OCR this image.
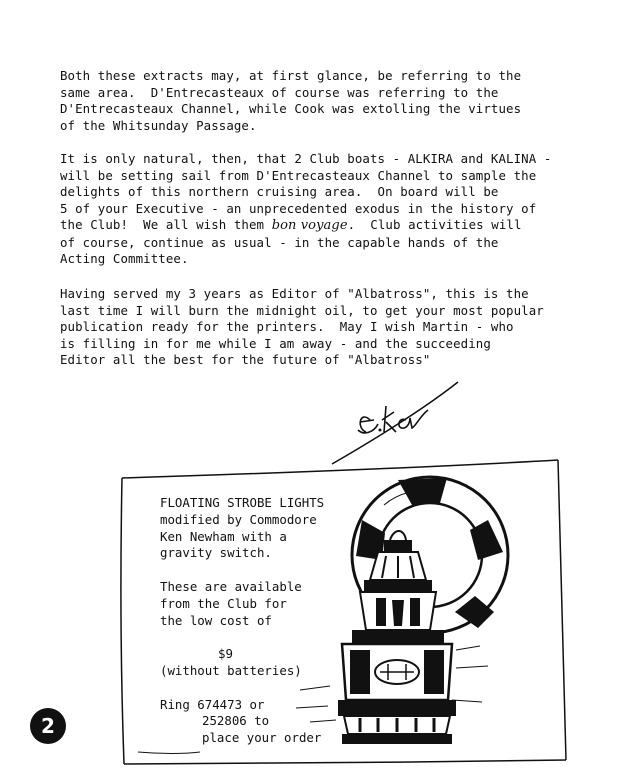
Both these extracts may, at first glance, be referring to the
same area.  D'Entrecasteaux of course was referring to the
D'Entrecasteaux Channel, while Cook was extolling the virtues
of the Whitsunday Passage.
It is only natural, then, that 2 Club boats - ALKIRA and KALINA -
will be setting sail from D'Entrecasteaux Channel to sample the
delights of this northern cruising area.  On board will be
5 of your Executive - an unprecedented exodus in the history of
the Club!  We all wish them bon voyage.  Club activities will
of course, continue as usual - in the capable hands of the
Acting Committee.
Having served my 3 years as Editor of "Albatross", this is the
last time I will burn the midnight oil, to get your most popular
publication ready for the printers.  May I wish Martin - who
is filling in for me while I am away - and the succeeding
Editor all the best for the future of "Albatross"
FLOATING STROBE LIGHTS
modified by Commodore
Ken Newham with a
gravity switch.
These are available
from the Club for
the low cost of
$9
(without batteries)
Ring 674473 or
252806 to
place your order
2
